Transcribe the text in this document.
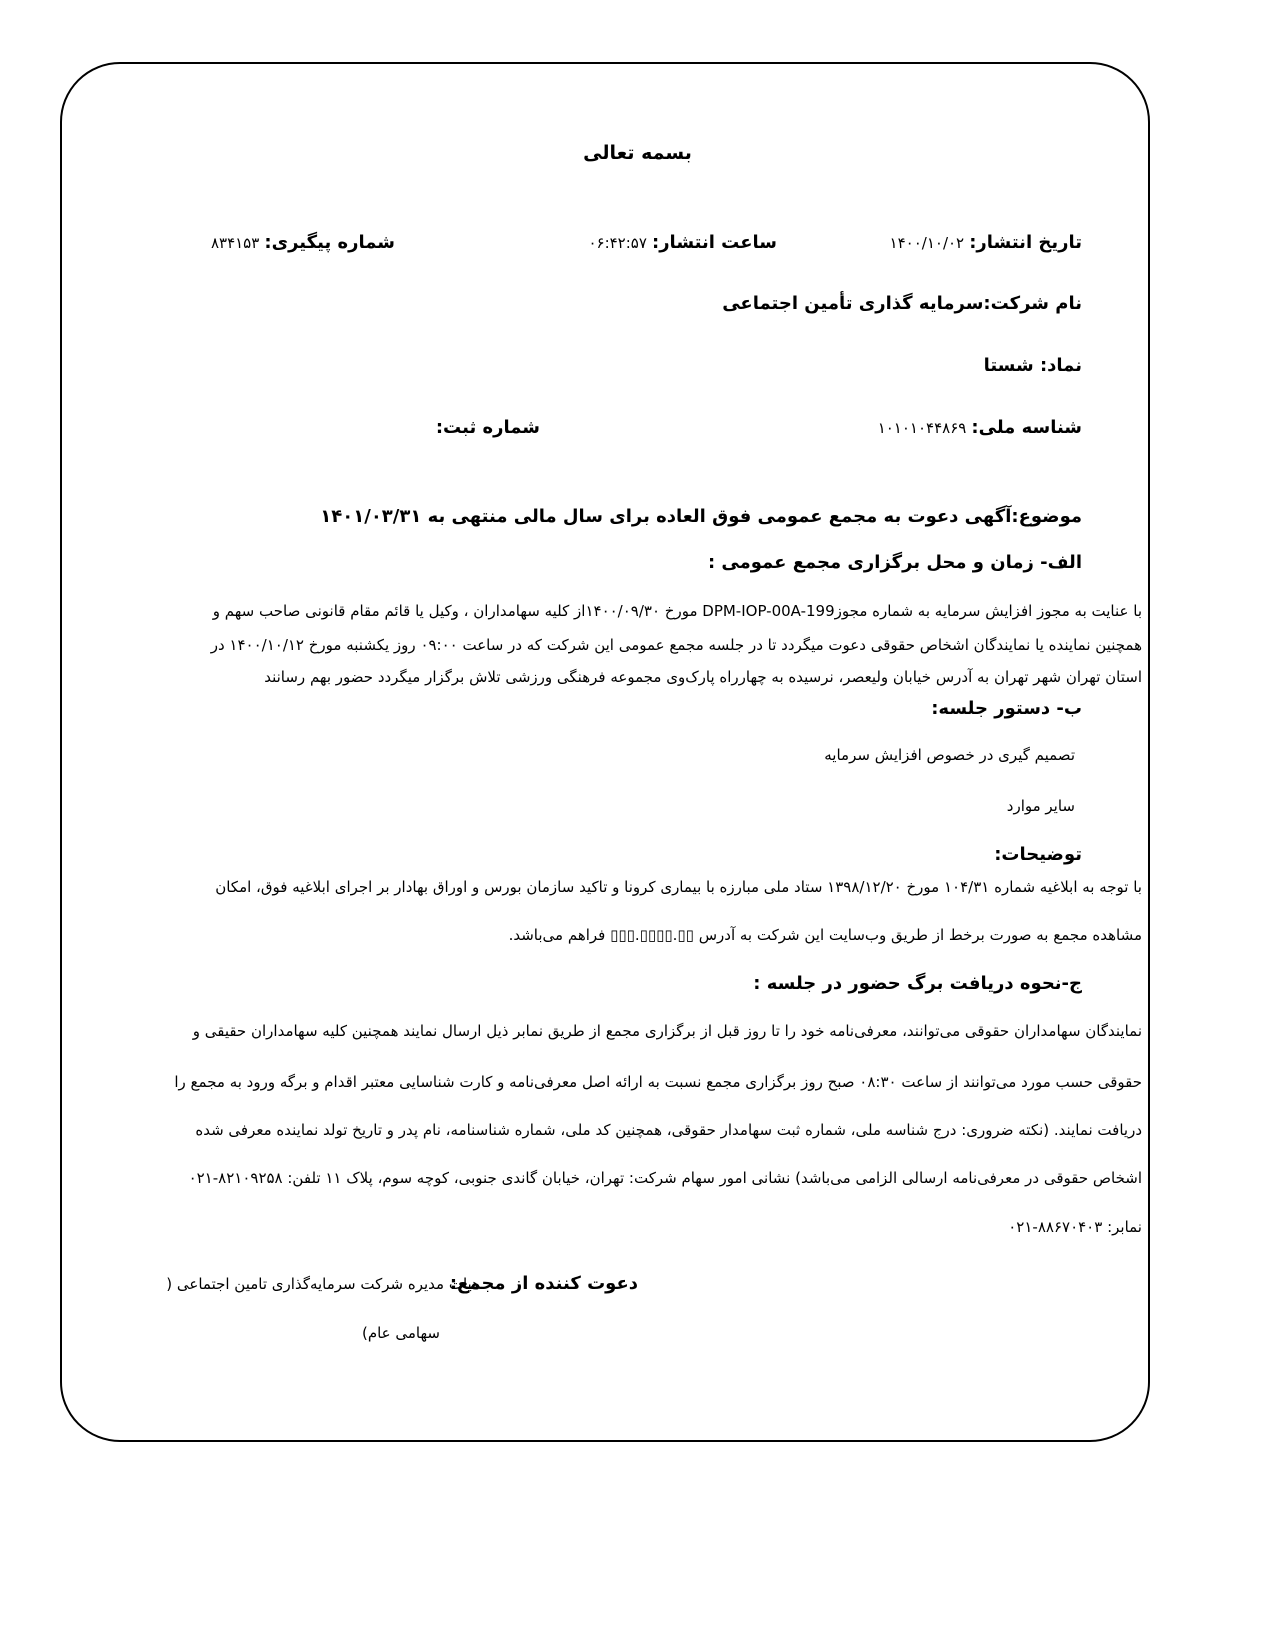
بسمه تعالی
تاریخ انتشار: ۱۴۰۰/۱۰/۰۲
ساعت انتشار: ۰۶:۴۲:۵۷
شماره پیگیری: ۸۳۴۱۵۳
نام شرکت:سرمایه گذاری تأمین اجتماعی
نماد: شستا
شناسه ملی: ۱۰۱۰۱۰۴۴۸۶۹
شماره ثبت:
موضوع:آگهی دعوت به مجمع عمومی فوق العاده برای سال مالی منتهی به ۱۴۰۱/۰۳/۳۱
الف- زمان و محل برگزاری مجمع عمومی :
با عنایت به مجوز افزایش سرمایه به شماره مجوزDPM-IOP-00A-199 مورخ ۱۴۰۰/۰۹/۳۰از کلیه سهامداران ، وکیل یا قائم مقام قانونی صاحب سهم و
همچنین نماینده یا نمایندگان اشخاص حقوقی دعوت میگردد تا در جلسه مجمع عمومی این شرکت که در ساعت ۰۹:۰۰ روز یکشنبه مورخ ۱۴۰۰/۱۰/۱۲ در
استان تهران شهر تهران به آدرس خیابان ولیعصر، نرسیده به چهارراه پارک‌وی مجموعه فرهنگی ورزشی تلاش برگزار میگردد حضور بهم رسانند
ب- دستور جلسه:
تصمیم گیری در خصوص افزایش سرمایه
سایر موارد
توضیحات:
با توجه به ابلاغیه شماره ۱۰۴/۳۱ مورخ ۱۳۹۸/۱۲/۲۰ ستاد ملی مبارزه با بیماری کرونا و تاکید سازمان بورس و اوراق بهادار بر اجرای ابلاغیه فوق، امکان
مشاهده مجمع به صورت برخط از طریق وب‌سایت این شرکت به آدرس ▯▯.▯▯▯▯.▯▯▯ فراهم می‌باشد.
ج-نحوه دریافت برگ حضور در جلسه :
نمایندگان سهامداران حقوقی می‌توانند، معرفی‌نامه خود را تا روز قبل از برگزاری مجمع از طریق نمابر ذیل ارسال نمایند همچنین کلیه سهامداران حقیقی و
حقوقی حسب مورد می‌توانند از ساعت ۰۸:۳۰ صبح روز برگزاری مجمع نسبت به ارائه اصل معرفی‌نامه و کارت شناسایی معتبر اقدام و برگه ورود به مجمع را
دریافت نمایند. (نکته ضروری: درج شناسه ملی، شماره ثبت سهامدار حقوقی، همچنین کد ملی، شماره شناسنامه، نام پدر و تاریخ تولد نماینده معرفی شده
اشخاص حقوقی در معرفی‌نامه ارسالی الزامی می‌باشد) نشانی امور سهام شرکت: تهران، خیابان گاندی جنوبی، کوچه سوم، پلاک ۱۱ تلفن: ۸۲۱۰۹۲۵۸-۰۲۱
نمابر: ۸۸۶۷۰۴۰۳-۰۲۱
دعوت کننده از مجمع:
هیات مدیره شرکت سرمایه‌گذاری تامین اجتماعی (
سهامی عام)
